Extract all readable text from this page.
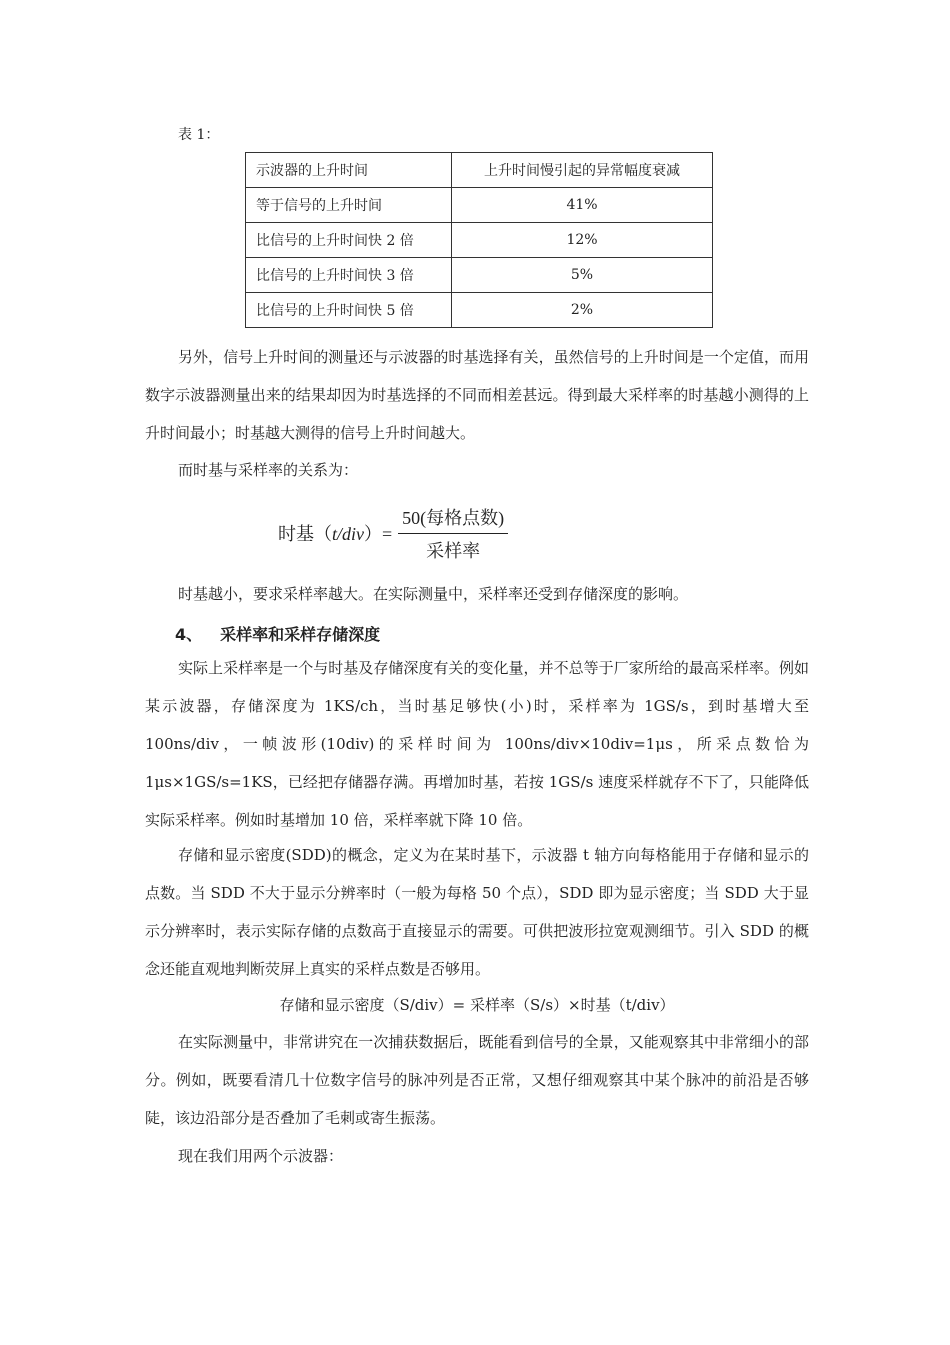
表 1：
示波器的上升时间	上升时间慢引起的异常幅度衰减
等于信号的上升时间	41%
比信号的上升时间快 2 倍	12%
比信号的上升时间快 3 倍	5%
比信号的上升时间快 5 倍	2%

另外，信号上升时间的测量还与示波器的时基选择有关，虽然信号的上升时间是一个定值，而用数字示波器测量出来的结果却因为时基选择的不同而相差甚远。得到最大采样率的时基越小测得的上升时间最小；时基越大测得的信号上升时间越大。

而时基与采样率的关系为：

时基$(t/div)= \frac{\text{50(每格点数)}}{\text{采样率}}$

时基越小，要求采样率越大。在实际测量中，采样率还受到存储深度的影响。

4、 采样率和采样存储深度

实际上采样率是一个与时基及存储深度有关的变化量，并不总等于厂家所给的最高采样率。例如某示波器，存储深度为 1KS/ch，当时基足够快(小)时，采样率为 1GS/s，到时基增大至 100ns/div，一帧波形(10div)的采样时间为 100ns/div×10div=1μs，所采点数恰为 1μs×1GS/s=1KS，已经把存储器存满。再增加时基，若按 1GS/s 速度采样就存不下了，只能降低实际采样率。例如时基增加 10 倍，采样率就下降 10 倍。

存储和显示密度(SDD)的概念，定义为在某时基下，示波器 t 轴方向每格能用于存储和显示的点数。当 SDD 不大于显示分辨率时（一般为每格 50 个点），SDD 即为显示密度；当 SDD 大于显示分辨率时，表示实际存储的点数高于直接显示的需要。可供把波形拉宽观测细节。引入 SDD 的概念还能直观地判断荧屏上真实的采样点数是否够用。

存储和显示密度（S/div）= 采样率（S/s）×时基（t/div）

在实际测量中，非常讲究在一次捕获数据后，既能看到信号的全景，又能观察其中非常细小的部分。例如，既要看清几十位数字信号的脉冲列是否正常，又想仔细观察其中某个脉冲的前沿是否够陡，该边沿部分是否叠加了毛刺或寄生振荡。

现在我们用两个示波器：
